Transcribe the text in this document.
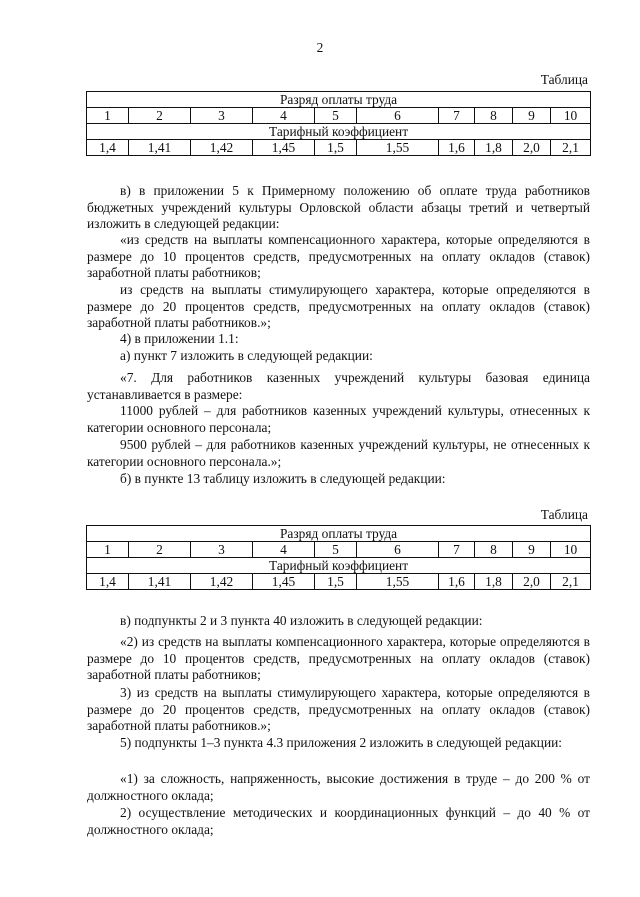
2
Таблица
Разряд оплаты труда									
1	2	3	4	5	6	7	8	9	10
Тарифный коэффициент									
1,4	1,41	1,42	1,45	1,5	1,55	1,6	1,8	2,0	2,1

в) в приложении 5 к Примерному положению об оплате труда работников бюджетных учреждений культуры Орловской области абзацы третий и четвертый изложить в следующей редакции:

«из средств на выплаты компенсационного характера, которые определяются в размере до 10 процентов средств, предусмотренных на оплату окладов (ставок) заработной платы работников;

из средств на выплаты стимулирующего характера, которые определяются в размере до 20 процентов средств, предусмотренных на оплату окладов (ставок) заработной платы работников.»;

4) в приложении 1.1:

а) пункт 7 изложить в следующей редакции:

«7. Для работников казенных учреждений культуры базовая единица устанавливается в размере:

11000 рублей – для работников казенных учреждений культуры, отнесенных к категории основного персонала;

9500 рублей – для работников казенных учреждений культуры, не отнесенных к категории основного персонала.»;

б) в пункте 13 таблицу изложить в следующей редакции:

Таблица
Разряд оплаты труда									
1	2	3	4	5	6	7	8	9	10
Тарифный коэффициент									
1,4	1,41	1,42	1,45	1,5	1,55	1,6	1,8	2,0	2,1

в) подпункты 2 и 3 пункта 40 изложить в следующей редакции:

«2) из средств на выплаты компенсационного характера, которые определяются в размере до 10 процентов средств, предусмотренных на оплату окладов (ставок) заработной платы работников;

3) из средств на выплаты стимулирующего характера, которые определяются в размере до 20 процентов средств, предусмотренных на оплату окладов (ставок) заработной платы работников.»;

5) подпункты 1–3 пункта 4.3 приложения 2 изложить в следующей редакции:

«1) за сложность, напряженность, высокие достижения в труде – до 200 % от должностного оклада;

2) осуществление методических и координационных функций – до 40 % от должностного оклада;
